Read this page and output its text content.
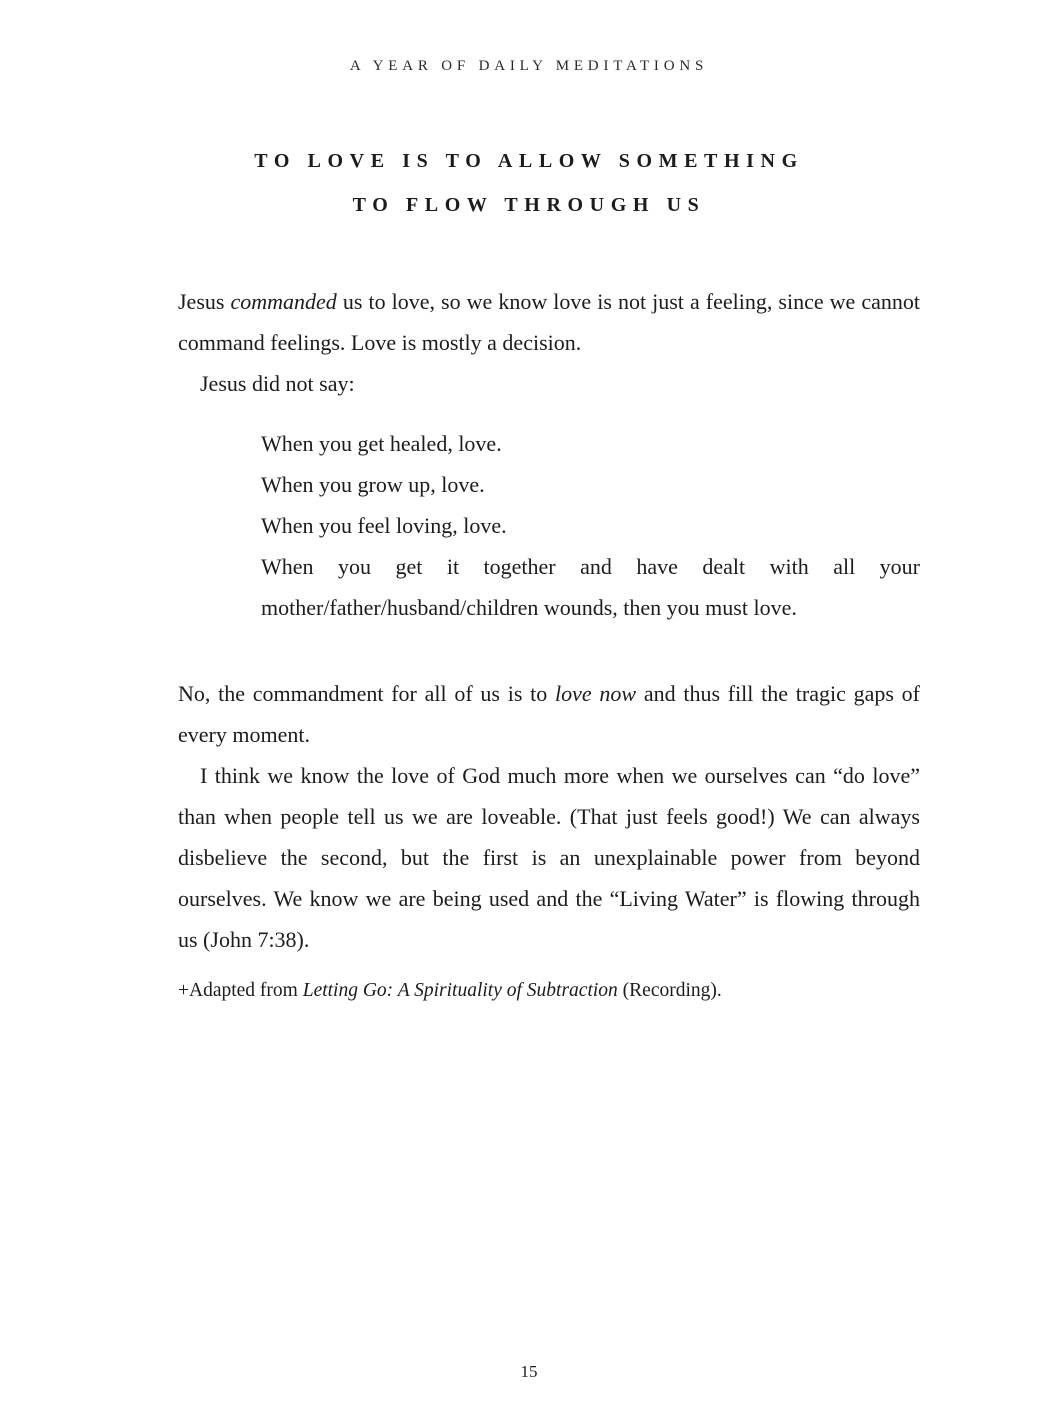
A YEAR OF DAILY MEDITATIONS
TO LOVE IS TO ALLOW SOMETHING
TO FLOW THROUGH US

Jesus commanded us to love, so we know love is not just a feeling, since we cannot command feelings. Love is mostly a decision.

Jesus did not say:

When you get healed, love.

When you grow up, love.

When you feel loving, love.

When you get it together and have dealt with all your mother/father/husband/children wounds, then you must love.

No, the commandment for all of us is to love now and thus fill the tragic gaps of every moment.

I think we know the love of God much more when we ourselves can “do love” than when people tell us we are loveable. (That just feels good!) We can always disbelieve the second, but the first is an unexplainable power from beyond ourselves. We know we are being used and the “Living Water” is flowing through us (John 7:38).

+Adapted from Letting Go: A Spirituality of Subtraction (Recording).

15
